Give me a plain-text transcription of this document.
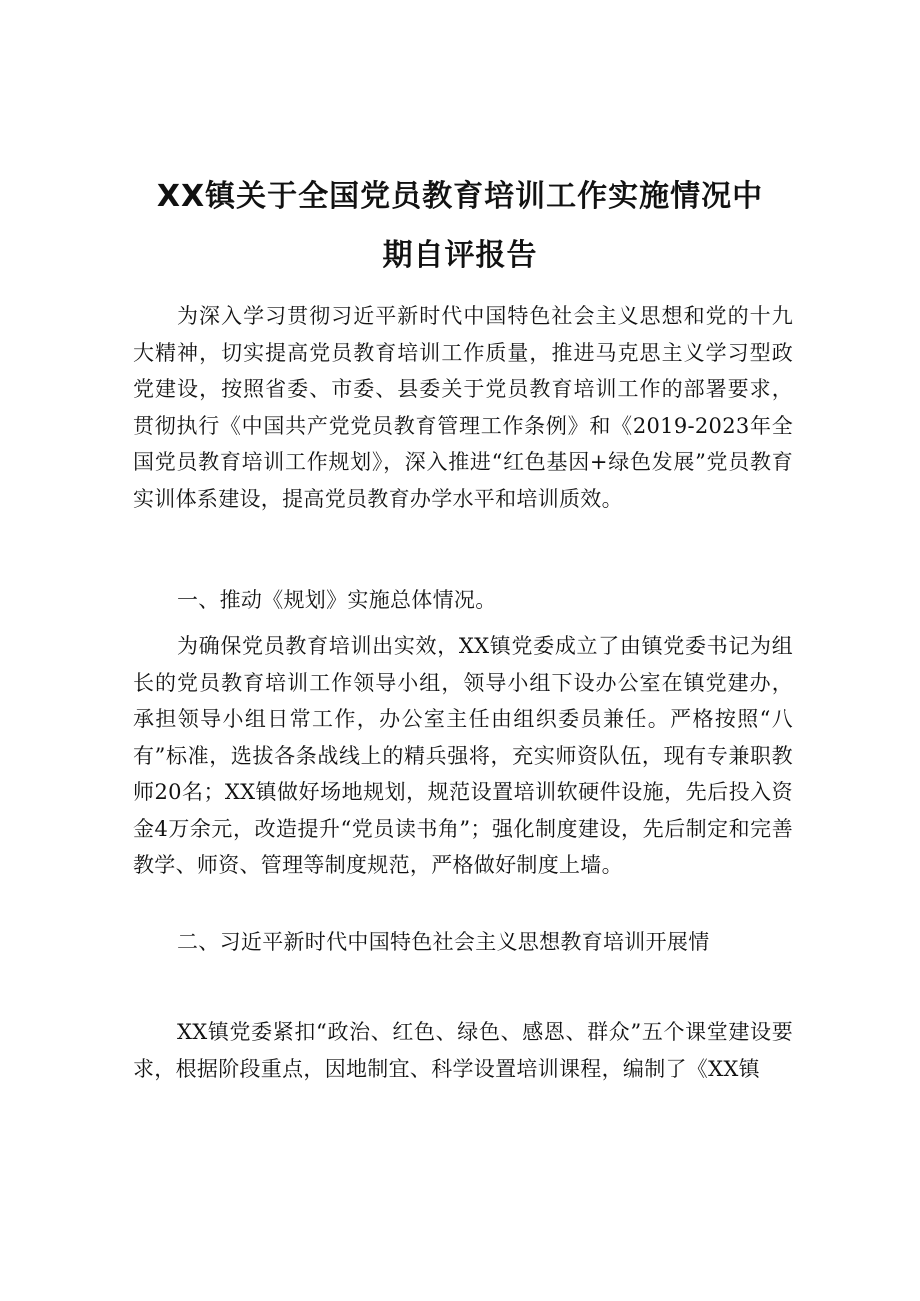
XX镇关于全国党员教育培训工作实施情况中
期自评报告

为深入学习贯彻习近平新时代中国特色社会主义思想和党的十九大精神，切实提高党员教育培训工作质量，推进马克思主义学习型政党建设，按照省委、市委、县委关于党员教育培训工作的部署要求，贯彻执行《中国共产党党员教育管理工作条例》和《2019-2023年全国党员教育培训工作规划》，深入推进“红色基因+绿色发展”党员教育实训体系建设，提高党员教育办学水平和培训质效。

一、推动《规划》实施总体情况。

为确保党员教育培训出实效，XX镇党委成立了由镇党委书记为组长的党员教育培训工作领导小组，领导小组下设办公室在镇党建办，承担领导小组日常工作，办公室主任由组织委员兼任。严格按照“八有”标准，选拔各条战线上的精兵强将，充实师资队伍，现有专兼职教师20名；XX镇做好场地规划，规范设置培训软硬件设施，先后投入资金4万余元，改造提升“党员读书角”；强化制度建设，先后制定和完善教学、师资、管理等制度规范，严格做好制度上墙。

二、习近平新时代中国特色社会主义思想教育培训开展情

XX镇党委紧扣“政治、红色、绿色、感恩、群众”五个课堂建设要求，根据阶段重点，因地制宜、科学设置培训课程，编制了《XX镇
